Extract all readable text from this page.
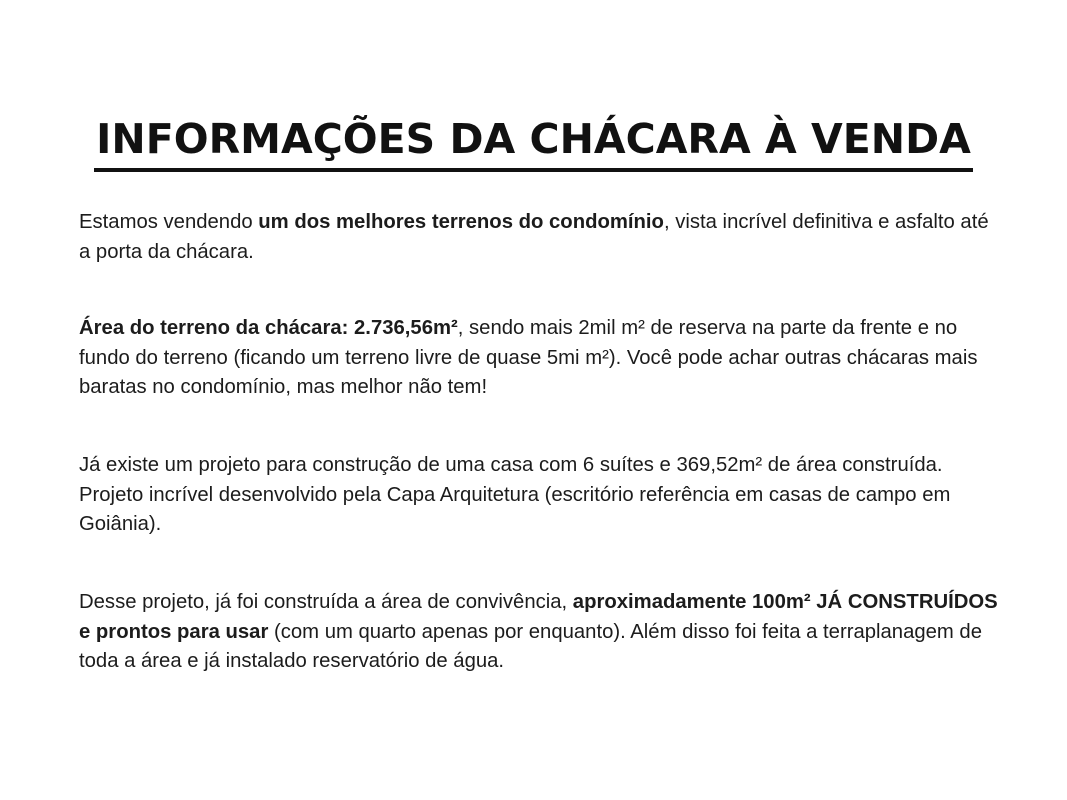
INFORMAÇÕES DA CHÁCARA À VENDA

Estamos vendendo um dos melhores terrenos do condomínio, vista incrível definitiva e asfalto até a porta da chácara.

Área do terreno da chácara: 2.736,56m², sendo mais 2mil m² de reserva na parte da frente e no fundo do terreno (ficando um terreno livre de quase 5mi m²). Você pode achar outras chácaras mais baratas no condomínio, mas melhor não tem!

Já existe um projeto para construção de uma casa com 6 suítes e 369,52m² de área construída. Projeto incrível desenvolvido pela Capa Arquitetura (escritório referência em casas de campo em Goiânia).

Desse projeto, já foi construída a área de convivência, aproximadamente 100m² JÁ CONSTRUÍDOS e prontos para usar (com um quarto apenas por enquanto). Além disso foi feita a terraplanagem de toda a área e já instalado reservatório de água.
